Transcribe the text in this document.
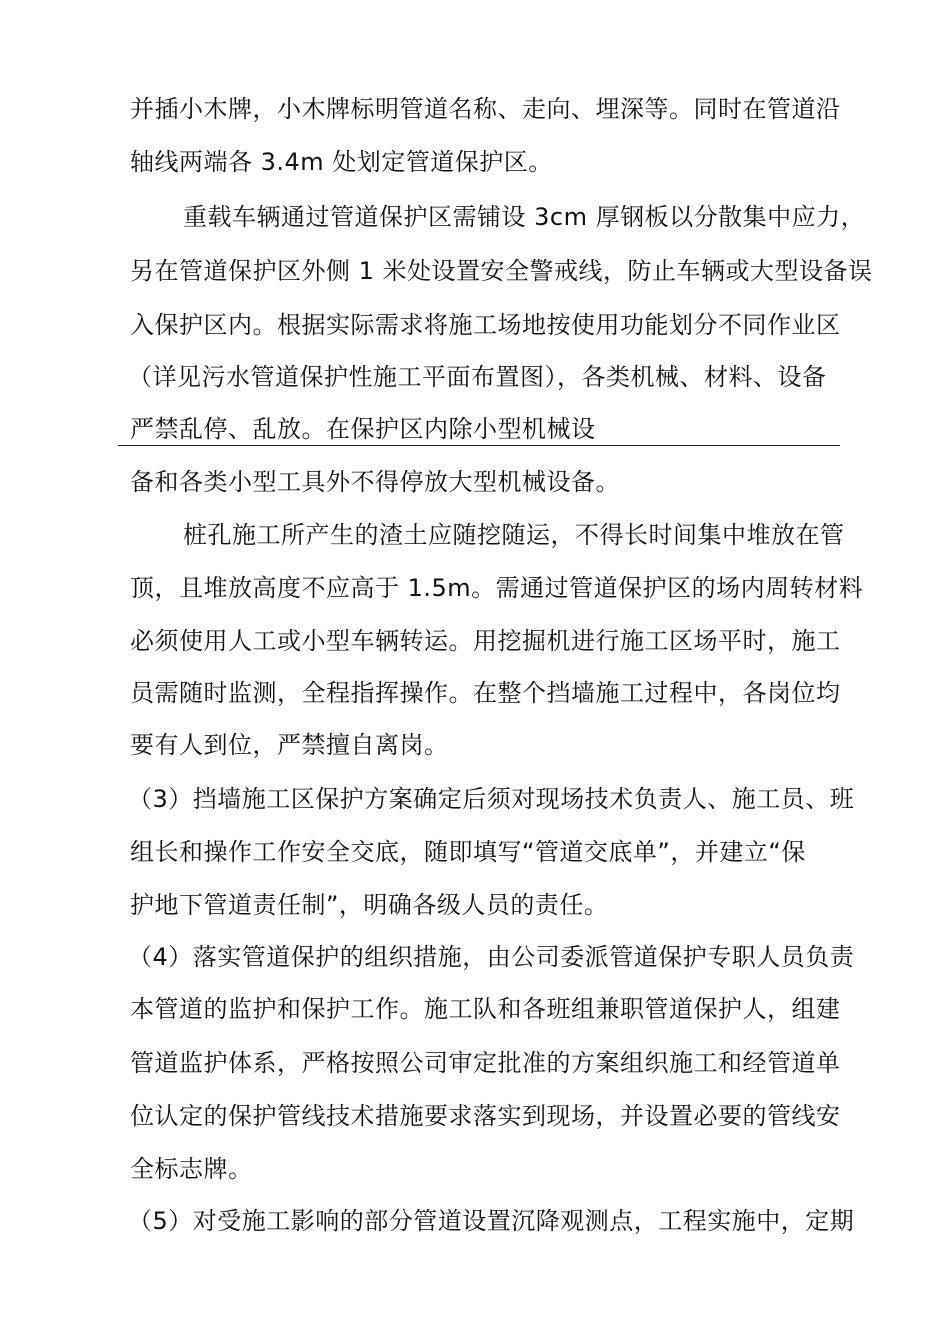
并插小木牌，小木牌标明管道名称、走向、埋深等。同时在管道沿
轴线两端各 3.4m 处划定管道保护区。
重载车辆通过管道保护区需铺设 3cm 厚钢板以分散集中应力，
另在管道保护区外侧 1 米处设置安全警戒线，防止车辆或大型设备误
入保护区内。根据实际需求将施工场地按使用功能划分不同作业区
（详见污水管道保护性施工平面布置图），各类机械、材料、设备
严禁乱停、乱放。在保护区内除小型机械设
备和各类小型工具外不得停放大型机械设备。
桩孔施工所产生的渣土应随挖随运，不得长时间集中堆放在管
顶，且堆放高度不应高于 1.5m。需通过管道保护区的场内周转材料
必须使用人工或小型车辆转运。用挖掘机进行施工区场平时，施工
员需随时监测，全程指挥操作。在整个挡墙施工过程中，各岗位均
要有人到位，严禁擅自离岗。
（3）挡墙施工区保护方案确定后须对现场技术负责人、施工员、班
组长和操作工作安全交底，随即填写“管道交底单”，并建立“保
护地下管道责任制”，明确各级人员的责任。
（4）落实管道保护的组织措施，由公司委派管道保护专职人员负责
本管道的监护和保护工作。施工队和各班组兼职管道保护人，组建
管道监护体系，严格按照公司审定批准的方案组织施工和经管道单
位认定的保护管线技术措施要求落实到现场，并设置必要的管线安
全标志牌。
（5）对受施工影响的部分管道设置沉降观测点，工程实施中，定期
